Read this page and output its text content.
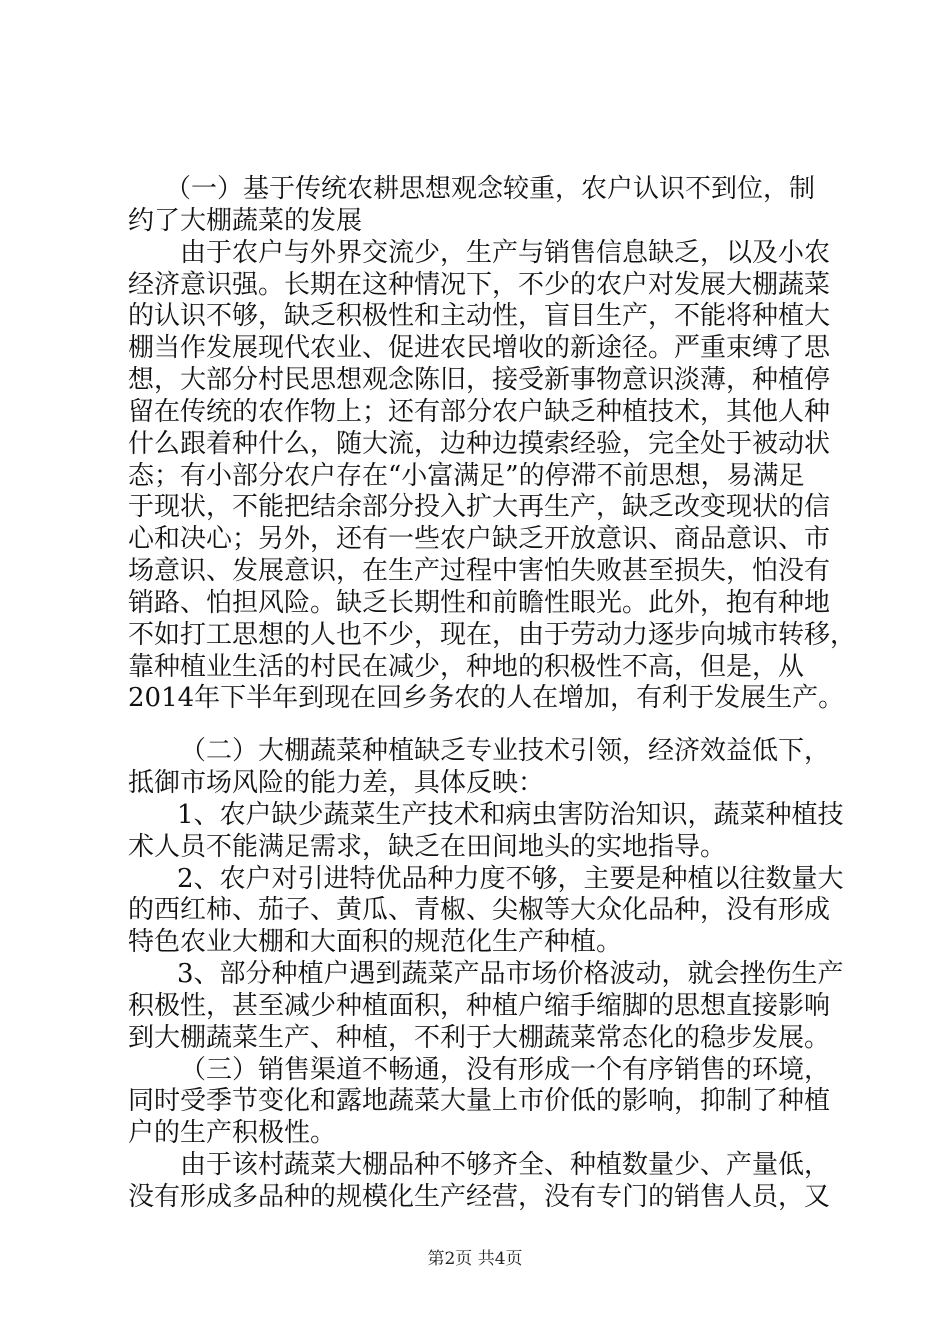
（一）基于传统农耕思想观念较重，农户认识不到位，制
约了大棚蔬菜的发展
由于农户与外界交流少，生产与销售信息缺乏，以及小农
经济意识强。长期在这种情况下，不少的农户对发展大棚蔬菜
的认识不够，缺乏积极性和主动性，盲目生产，不能将种植大
棚当作发展现代农业、促进农民增收的新途径。严重束缚了思
想，大部分村民思想观念陈旧，接受新事物意识淡薄，种植停
留在传统的农作物上；还有部分农户缺乏种植技术，其他人种
什么跟着种什么，随大流，边种边摸索经验，完全处于被动状
态；有小部分农户存在“小富满足”的停滞不前思想，易满足
于现状，不能把结余部分投入扩大再生产，缺乏改变现状的信
心和决心；另外，还有一些农户缺乏开放意识、商品意识、市
场意识、发展意识，在生产过程中害怕失败甚至损失，怕没有
销路、怕担风险。缺乏长期性和前瞻性眼光。此外，抱有种地
不如打工思想的人也不少，现在，由于劳动力逐步向城市转移，
靠种植业生活的村民在减少，种地的积极性不高，但是，从
2014年下半年到现在回乡务农的人在增加，有利于发展生产。
（二）大棚蔬菜种植缺乏专业技术引领，经济效益低下，
抵御市场风险的能力差，具体反映：
1、农户缺少蔬菜生产技术和病虫害防治知识，蔬菜种植技
术人员不能满足需求，缺乏在田间地头的实地指导。
2、农户对引进特优品种力度不够，主要是种植以往数量大
的西红柿、茄子、黄瓜、青椒、尖椒等大众化品种，没有形成
特色农业大棚和大面积的规范化生产种植。
3、部分种植户遇到蔬菜产品市场价格波动，就会挫伤生产
积极性，甚至减少种植面积，种植户缩手缩脚的思想直接影响
到大棚蔬菜生产、种植，不利于大棚蔬菜常态化的稳步发展。
（三）销售渠道不畅通，没有形成一个有序销售的环境，
同时受季节变化和露地蔬菜大量上市价低的影响，抑制了种植
户的生产积极性。
由于该村蔬菜大棚品种不够齐全、种植数量少、产量低，
没有形成多品种的规模化生产经营，没有专门的销售人员，又
第2页 共4页
